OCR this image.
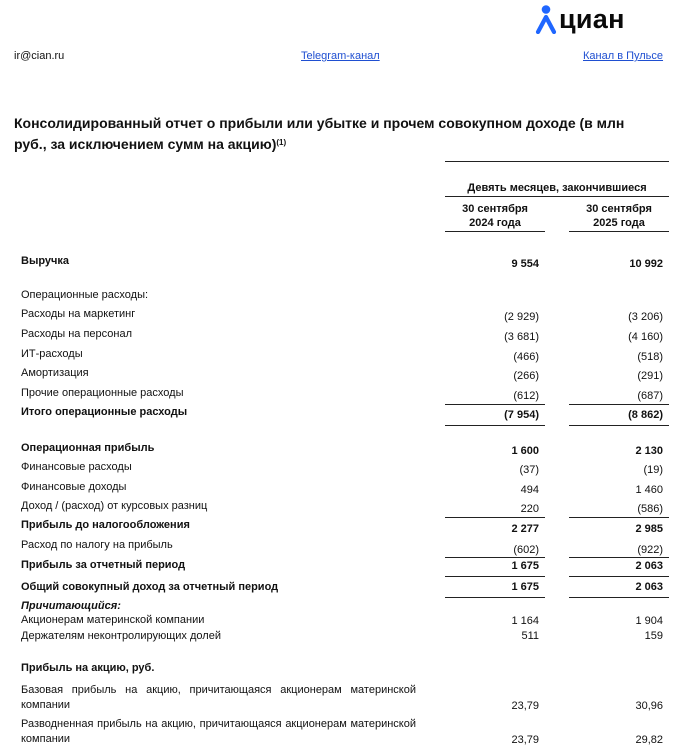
циан
ir@cian.ru	Telegram-канал	Канал в Пульсе
Консолидированный отчет о прибыли или убытке и прочем совокупном доходе (в млн руб., за исключением сумм на акцию)$^{(1)}$
Девять месяцев, закончившиеся
30 сентября
2024 года
30 сентября
2025 года
Выручка	9 554	10 992
Операционные расходы:
Расходы на маркетинг	(2 929)	(3 206)
Расходы на персонал	(3 681)	(4 160)
ИТ-расходы	(466)	(518)
Амортизация	(266)	(291)
Прочие операционные расходы	(612)	(687)
Итого операционные расходы	(7 954)	(8 862)
Операционная прибыль	1 600	2 130
Финансовые расходы	(37)	(19)
Финансовые доходы	494	1 460
Доход / (расход) от курсовых разниц	220	(586)
Прибыль до налогообложения	2 277	2 985
Расход по налогу на прибыль	(602)	(922)
Прибыль за отчетный период	1 675	2 063
Общий совокупный доход за отчетный период	1 675	2 063
Причитающийся:
Акционерам материнской компании	1 164	1 904
Держателям неконтролирующих долей	511	159
Прибыль на акцию, руб.
Базовая прибыль на акцию, причитающаяся акционерам материнской компании	23,79	30,96
Разводненная прибыль на акцию, причитающаяся акционерам материнской компании	23,79	29,82
